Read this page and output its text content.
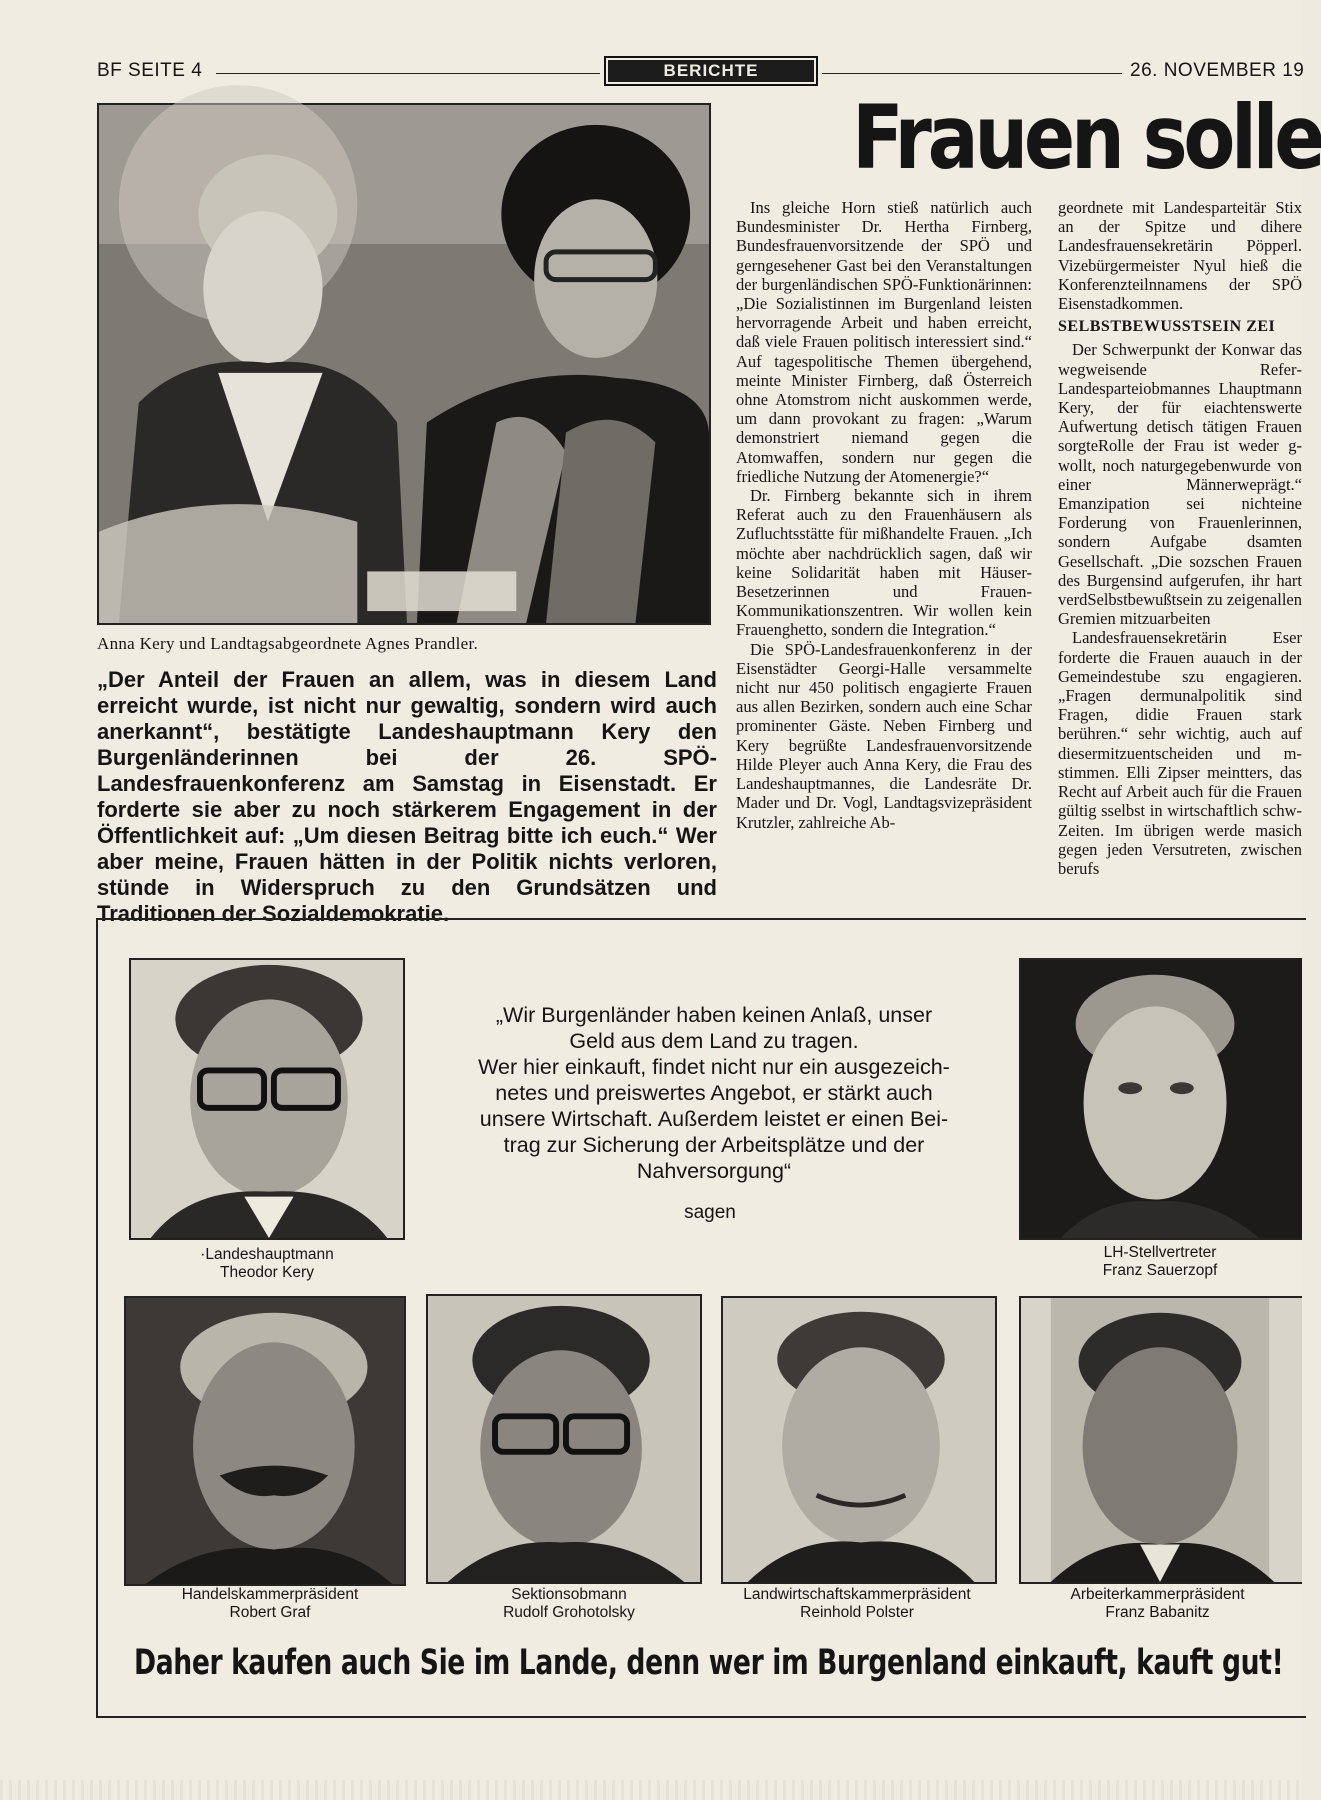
BF SEITE 4	BERICHTE	26. NOVEMBER 19
Frauen solle
Anna Kery und Landtagsabgeordnete Agnes Prandler.
„Der Anteil der Frauen an allem, was in diesem Land erreicht wurde, ist nicht nur gewaltig, sondern wird auch anerkannt“, bestätigte Landeshauptmann Kery den Burgenländerinnen bei der 26. SPÖ-Landesfrauenkonferenz am Samstag in Eisenstadt. Er forderte sie aber zu noch stärkerem Engagement in der Öffentlichkeit auf: „Um diesen Beitrag bitte ich euch.“ Wer aber meine, Frauen hätten in der Politik nichts verloren, stünde in Widerspruch zu den Grundsätzen und Traditionen der Sozialdemokratie.

Ins gleiche Horn stieß natürlich auch Bundesminister Dr. Hertha Firnberg, Bundesfrauenvorsitzende der SPÖ und gerngesehener Gast bei den Veranstaltungen der burgenländischen SPÖ-Funktionärinnen: „Die Sozialistinnen im Burgenland leisten hervorragende Arbeit und haben erreicht, daß viele Frauen politisch interessiert sind.“ Auf tagespolitische Themen übergehend, meinte Minister Firnberg, daß Österreich ohne Atomstrom nicht auskommen werde, um dann provokant zu fragen: „Warum demonstriert niemand gegen die Atomwaffen, sondern nur gegen die friedliche Nutzung der Atomenergie?“

Dr. Firnberg bekannte sich in ihrem Referat auch zu den Frauenhäusern als Zufluchtsstätte für mißhandelte Frauen. „Ich möchte aber nachdrücklich sagen, daß wir keine Solidarität haben mit Häuser-Besetzerinnen und Frauen-Kommunikationszentren. Wir wollen kein Frauenghetto, sondern die Integration.“

Die SPÖ-Landesfrauenkonferenz in der Eisenstädter Georgi-Halle versammelte nicht nur 450 politisch engagierte Frauen aus allen Bezirken, sondern auch eine Schar prominenter Gäste. Neben Firnberg und Kery begrüßte Landesfrauenvorsitzende Hilde Pleyer auch Anna Kery, die Frau des Landeshauptmannes, die Landesräte Dr. Mader und Dr. Vogl, Landtagsvizepräsident Krutzler, zahlreiche Ab-

geordnete mit Landesparteitär Stix an der Spitze und dihere Landesfrauensekretärin Pöpperl. Vizebürgermeister Nyul hieß die Konferenzteilnnamens der SPÖ Eisenstadkommen.

SELBSTBEWUSSTSEIN ZEI

Der Schwerpunkt der Konwar das wegweisende ReferLandesparteiobmannes Lhauptmann Kery, der für eiachtenswerte Aufwertung detisch tätigen Frauen sorgteRolle der Frau ist weder gwollt, noch naturgegebenwurde von einer Männerweprägt.“ Emanzipation sei nichteine Forderung von Frauenlerinnen, sondern Aufgabe dsamten Gesellschaft. „Die sozschen Frauen des Burgensind aufgerufen, ihr hart verdSelbstbewußtsein zu zeigenallen Gremien mitzuarbeiten

Landesfrauensekretärin Eser forderte die Frauen auauch in der Gemeindestube szu engagieren. „Fragen dermunalpolitik sind Fragen, didie Frauen stark berühren.“ sehr wichtig, auch auf diesermitzuentscheiden und mstimmen. Elli Zipser meintters, das Recht auf Arbeit auch für die Frauen gültig sselbst in wirtschaftlich schwZeiten. Im übrigen werde masich gegen jeden Versutreten, zwischen berufs

·Landeshauptmann
Theodor Kery
„Wir Burgenländer haben keinen Anlaß, unser
Geld aus dem Land zu tragen.
Wer hier einkauft, findet nicht nur ein ausgezeich-
netes und preiswertes Angebot, er stärkt auch
unsere Wirtschaft. Außerdem leistet er einen Bei-
trag zur Sicherung der Arbeitsplätze und der
Nahversorgung“
sagen
LH-Stellvertreter
Franz Sauerzopf
Handelskammerpräsident
Robert Graf
Sektionsobmann
Rudolf Grohotolsky
Landwirtschaftskammerpräsident
Reinhold Polster
Arbeiterkammerpräsident
Franz Babanitz
Daher kaufen auch Sie im Lande, denn wer im Burgenland einkauft, kauft gut!
